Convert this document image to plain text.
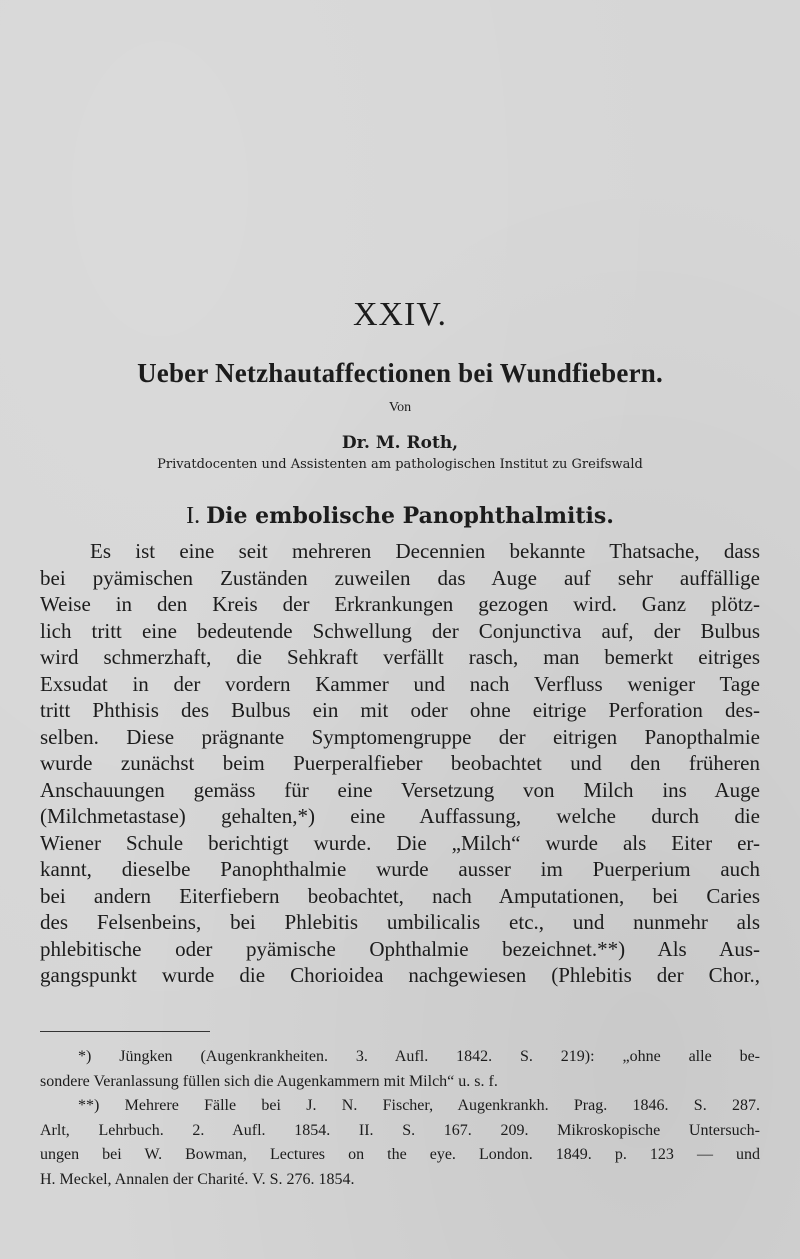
XXIV.
Ueber Netzhautaffectionen bei Wundfiebern.
Von
Dr. M. Roth,
Privatdocenten und Assistenten am pathologischen Institut zu Greifswald
I. Die embolische Panophthalmitis.
Es ist eine seit mehreren Decennien bekannte Thatsache, dass
bei pyämischen Zuständen zuweilen das Auge auf sehr auffällige
Weise in den Kreis der Erkrankungen gezogen wird. Ganz plötz-
lich tritt eine bedeutende Schwellung der Conjunctiva auf, der Bulbus
wird schmerzhaft, die Sehkraft verfällt rasch, man bemerkt eitriges
Exsudat in der vordern Kammer und nach Verfluss weniger Tage
tritt Phthisis des Bulbus ein mit oder ohne eitrige Perforation des-
selben. Diese prägnante Symptomengruppe der eitrigen Panopthalmie
wurde zunächst beim Puerperalfieber beobachtet und den früheren
Anschauungen gemäss für eine Versetzung von Milch ins Auge
(Milchmetastase) gehalten,*) eine Auffassung, welche durch die
Wiener Schule berichtigt wurde. Die „Milch“ wurde als Eiter er-
kannt, dieselbe Panophthalmie wurde ausser im Puerperium auch
bei andern Eiterfiebern beobachtet, nach Amputationen, bei Caries
des Felsenbeins, bei Phlebitis umbilicalis etc., und nunmehr als
phlebitische oder pyämische Ophthalmie bezeichnet.**) Als Aus-
gangspunkt wurde die Chorioidea nachgewiesen (Phlebitis der Chor.,
*) Jüngken (Augenkrankheiten. 3. Aufl. 1842. S. 219): „ohne alle be-
sondere Veranlassung füllen sich die Augenkammern mit Milch“ u. s. f.
**) Mehrere Fälle bei J. N. Fischer, Augenkrankh. Prag. 1846. S. 287.
Arlt, Lehrbuch. 2. Aufl. 1854. II. S. 167. 209. Mikroskopische Untersuch-
ungen bei W. Bowman, Lectures on the eye. London. 1849. p. 123 — und
H. Meckel, Annalen der Charité. V. S. 276. 1854.
